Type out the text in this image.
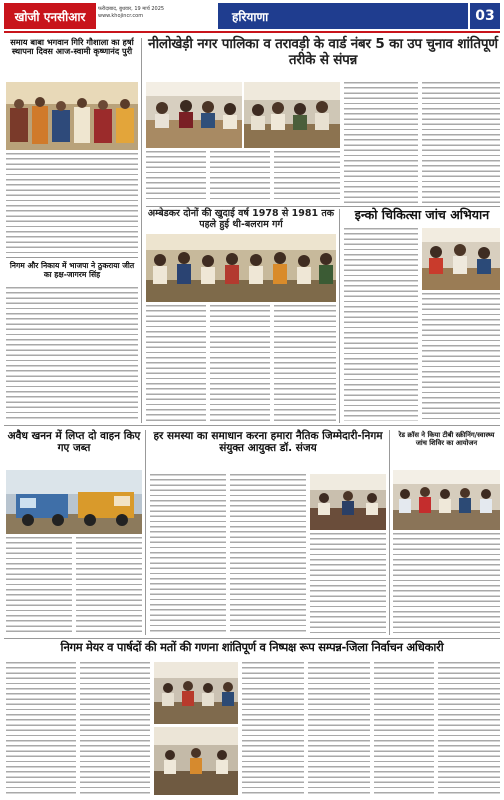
खोजी एनसीआर
फरीदाबाद, बुधवार, 19 मार्च 2025
www.khojincr.com	हरियाणा	03
समाय बाबा भगवान गिरि गौशाला का हर्षा स्थापना दिवस आज-स्वामी कृष्णानंद पुरी
निगम और निकाय में भाजपा ने ठुकराया जीत का हक्ष-जागरम सिंह
नीलोखेड़ी नगर पालिका व तरावड़ी के वार्ड नंबर 5 का उप चुनाव शांतिपूर्ण तरीके से संपन्न
अम्बेडकर दोनों की खुदाई वर्ष 1978 से 1981 तक पहले हुई थी-बलराम गर्ग
इन्को चिकित्सा जांच अभियान
अवैध खनन में लिप्त दो वाहन किए गए जब्त
हर समस्या का समाधान करना हमारा नैतिक जिम्मेदारी-निगम संयुक्त आयुक्त डॉ. संजय
रेड क्रॉस ने किया टीबी स्क्रीनिंग/स्वास्थ्य जांच शिविर का आयोजन
निगम मेयर व पार्षदों की मतों की गणना शांतिपूर्ण व निष्पक्ष रूप सम्पन्न-जिला निर्वाचन अधिकारी
